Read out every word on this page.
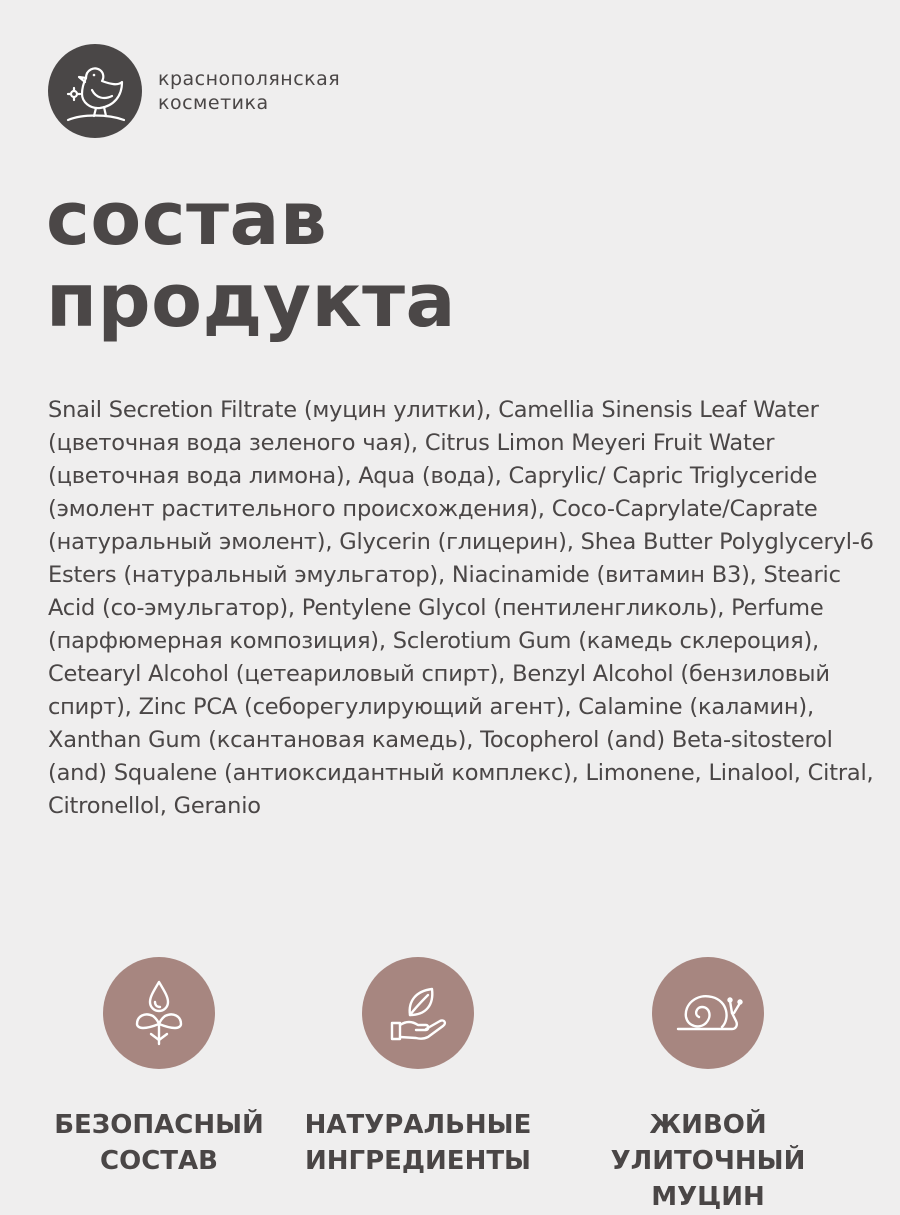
краснополянская
косметика
состав
продукта
Snail Secretion Filtrate (муцин улитки), Camellia Sinensis Leaf Water (цветочная вода зеленого чая), Citrus Limon Meyeri Fruit Water (цветочная вода лимона), Aqua (вода), Caprylic/ Capric Triglyceride (эмолент растительного происхождения), Coco-Caprylate/Caprate (натуральный эмолент), Glycerin (глицерин), Shea Butter Polyglyceryl-6 Esters (натуральный эмульгатор), Niacinamide (витамин B3), Stearic Acid (со-эмульгатор), Pentylene Glycol (пентиленгликоль), Perfume (парфюмерная композиция), Sclerotium Gum (камедь склероция), Cetearyl Alcohol (цетеариловый спирт), Benzyl Alcohol (бензиловый спирт), Zinc PCA (себорегулирующий агент), Calamine (каламин), Xanthan Gum (ксантановая камедь), Tocopherol (and) Beta-sitosterol (and) Squalene (антиоксидантный комплекс), Limonene, Linalool, Citral, Citronellol, Geranio
БЕЗОПАСНЫЙ
СОСТАВ
НАТУРАЛЬНЫЕ
ИНГРЕДИЕНТЫ
ЖИВОЙ
УЛИТОЧНЫЙ МУЦИН
